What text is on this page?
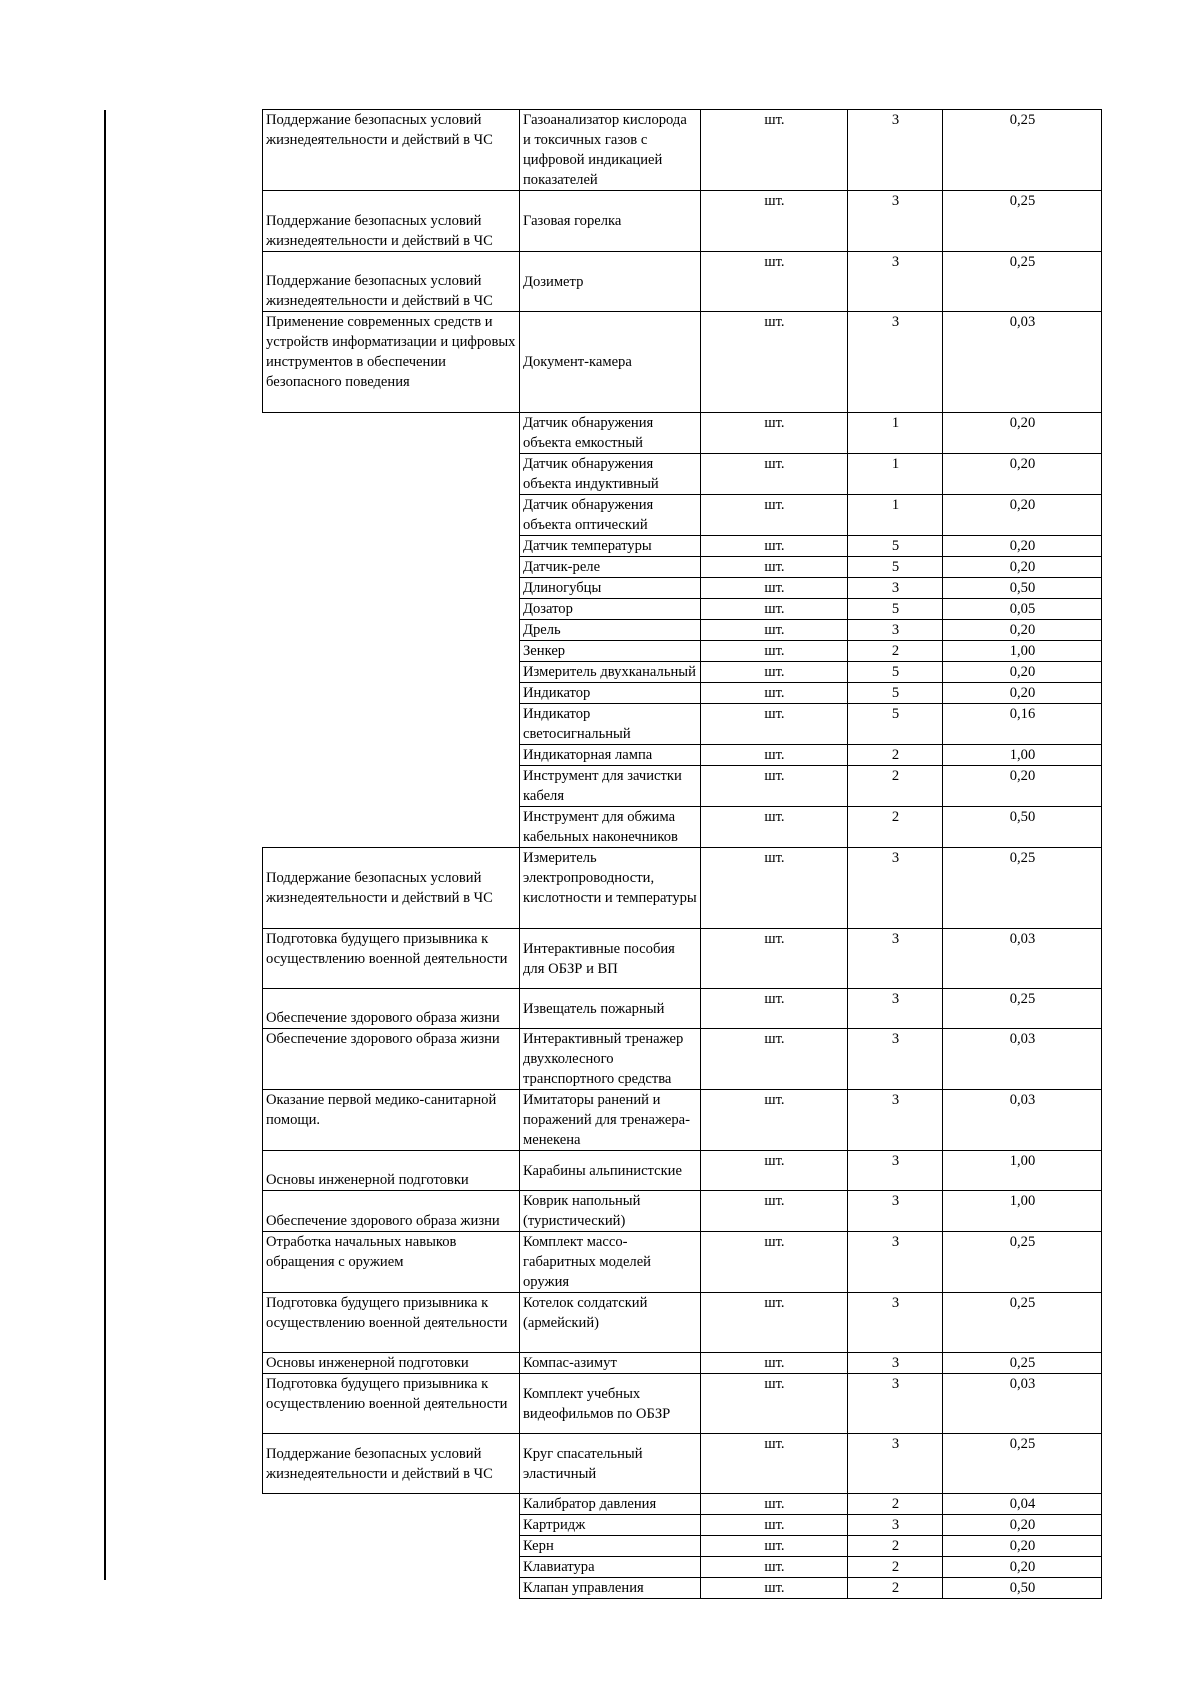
Поддержание безопасных условий жизнедеятельности и действий в ЧС	Газоанализатор кислорода и токсичных газов с цифровой индикацией показателей	шт.	3	0,25
Поддержание безопасных условий жизнедеятельности и действий в ЧС	Газовая горелка	шт.	3	0,25
Поддержание безопасных условий жизнедеятельности и действий в ЧС	Дозиметр	шт.	3	0,25
Применение современных средств и устройств информатизации и цифровых инструментов в обеспечении безопасного поведения	Документ-камера	шт.	3	0,03
	Датчик обнаружения объекта емкостный	шт.	1	0,20
	Датчик обнаружения объекта индуктивный	шт.	1	0,20
	Датчик обнаружения объекта оптический	шт.	1	0,20
	Датчик температуры	шт.	5	0,20
	Датчик-реле	шт.	5	0,20
	Длиногубцы	шт.	3	0,50
	Дозатор	шт.	5	0,05
	Дрель	шт.	3	0,20
	Зенкер	шт.	2	1,00
	Измеритель двухканальный	шт.	5	0,20
	Индикатор	шт.	5	0,20
	Индикатор светосигнальный	шт.	5	0,16
	Индикаторная лампа	шт.	2	1,00
	Инструмент для зачистки кабеля	шт.	2	0,20
	Инструмент для обжима кабельных наконечников	шт.	2	0,50
Поддержание безопасных условий жизнедеятельности и действий в ЧС	Измеритель электропроводности, кислотности и температуры	шт.	3	0,25
Подготовка будущего призывника к осуществлению военной деятельности	Интерактивные пособия для ОБЗР и ВП	шт.	3	0,03
Обеспечение здорового образа жизни	Извещатель пожарный	шт.	3	0,25
Обеспечение здорового образа жизни	Интерактивный тренажер двухколесного транспортного средства	шт.	3	0,03
Оказание первой медико-санитарной помощи.	Имитаторы ранений и поражений для тренажера-менекена	шт.	3	0,03
Основы инженерной подготовки	Карабины альпинистские	шт.	3	1,00
Обеспечение здорового образа жизни	Коврик напольный (туристический)	шт.	3	1,00
Отработка начальных навыков обращения с оружием	Комплект массо-габаритных моделей оружия	шт.	3	0,25
Подготовка будущего призывника к осуществлению военной деятельности	Котелок солдатский (армейский)	шт.	3	0,25
Основы инженерной подготовки	Компас-азимут	шт.	3	0,25
Подготовка будущего призывника к осуществлению военной деятельности	Комплект учебных видеофильмов по ОБЗР	шт.	3	0,03
Поддержание безопасных условий жизнедеятельности и действий в ЧС	Круг спасательный эластичный	шт.	3	0,25
	Калибратор давления	шт.	2	0,04
	Картридж	шт.	3	0,20
	Керн	шт.	2	0,20
	Клавиатура	шт.	2	0,20
	Клапан управления	шт.	2	0,50
